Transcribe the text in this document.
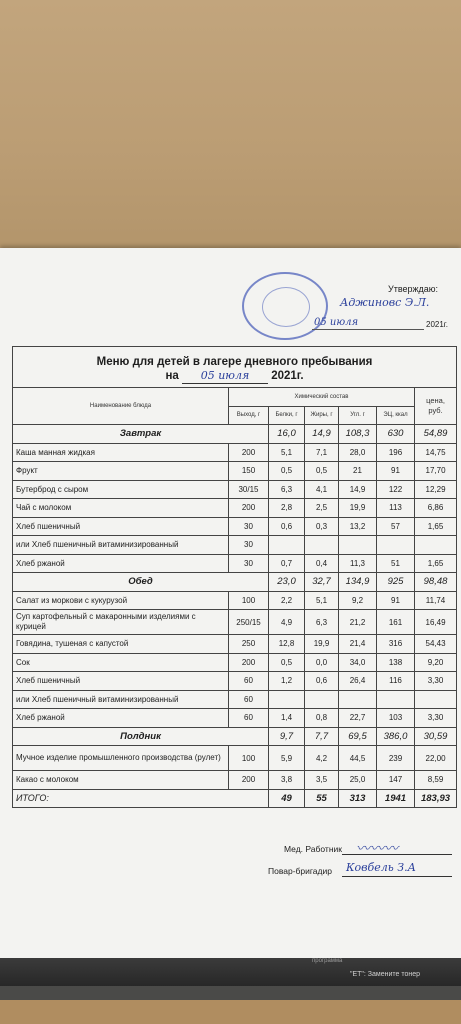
Утверждаю:
Аджиновс Э.Л.
05 июля	2021г.
Меню для детей в лагере дневного пребывания
на 05 июля 2021г.						

Наименование блюда	Химический состав					цена, руб.
	Выход, г	Белки, г	Жиры, г	Угл. г	ЭЦ, ккал	
Завтрак		16,0	14,9	108,3	630	54,89
Каша манная жидкая	200	5,1	7,1	28,0	196	14,75
Фрукт	150	0,5	0,5	21	91	17,70
Бутерброд с сыром	30/15	6,3	4,1	14,9	122	12,29
Чай с молоком	200	2,8	2,5	19,9	113	6,86
Хлеб пшеничный	30	0,6	0,3	13,2	57	1,65
или Хлеб пшеничный витаминизированный	30					
Хлеб ржаной	30	0,7	0,4	11,3	51	1,65
Обед		23,0	32,7	134,9	925	98,48
Салат из моркови с кукурузой	100	2,2	5,1	9,2	91	11,74
Суп картофельный с макаронными изделиями с курицей	250/15	4,9	6,3	21,2	161	16,49
Говядина, тушеная с капустой	250	12,8	19,9	21,4	316	54,43
Сок	200	0,5	0,0	34,0	138	9,20
Хлеб пшеничный	60	1,2	0,6	26,4	116	3,30
или Хлеб пшеничный витаминизированный	60					
Хлеб ржаной	60	1,4	0,8	22,7	103	3,30
Полдник		9,7	7,7	69,5	386,0	30,59
Мучное изделие промышленного производства (рулет)	100	5,9	4,2	44,5	239	22,00
Какао с молоком	200	3,8	3,5	25,0	147	8,59
ИТОГО:		49	55	313	1941	183,93
Мед. Работник 〰〰〰
Повар-бригадир Ковбель З.А
программа
"ET": Замените тонер
